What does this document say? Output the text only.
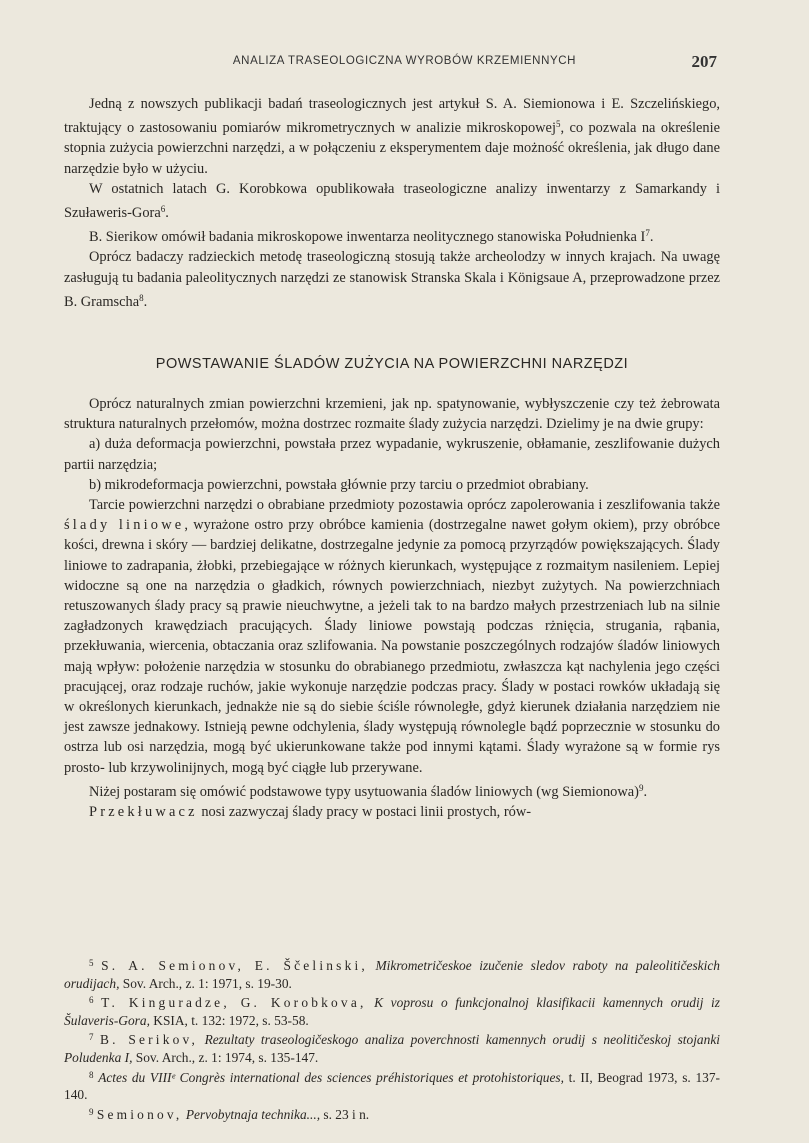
ANALIZA TRASEOLOGICZNA WYROBÓW KRZEMIENNYCH	207

Jedną z nowszych publikacji badań traseologicznych jest artykuł S. A. Siemionowa i E. Szczelińskiego, traktujący o zastosowaniu pomiarów mikrometrycznych w analizie mikroskopowej$^5$, co pozwala na określenie stopnia zużycia powierzchni narzędzi, a w połączeniu z eksperymentem daje możność określenia, jak długo dane narzędzie było w użyciu.

W ostatnich latach G. Korobkowa opublikowała traseologiczne analizy inwentarzy z Samarkandy i Szuławeris-Gora$^6$.

B. Sierikow omówił badania mikroskopowe inwentarza neolitycznego stanowiska Południenka $I^7$.

Oprócz badaczy radzieckich metodę traseologiczną stosują także archeolodzy w innych krajach. Na uwagę zasługują tu badania paleolitycznych narzędzi ze stanowisk Stranska Skala i Königsaue A, przeprowadzone przez B. Gramscha$^8$.

POWSTAWANIE ŚLADÓW ZUŻYCIA NA POWIERZCHNI NARZĘDZI

Oprócz naturalnych zmian powierzchni krzemieni, jak np. spatynowanie, wybłyszczenie czy też żebrowata struktura naturalnych przełomów, można dostrzec rozmaite ślady zużycia narzędzi. Dzielimy je na dwie grupy:

a) duża deformacja powierzchni, powstała przez wypadanie, wykruszenie, obłamanie, zeszlifowanie dużych partii narzędzia;

b) mikrodeformacja powierzchni, powstała głównie przy tarciu o przedmiot obrabiany.

Tarcie powierzchni narzędzi o obrabiane przedmioty pozostawia oprócz zapolerowania i zeszlifowania także ślady liniowe, wyrażone ostro przy obróbce kamienia (dostrzegalne nawet gołym okiem), przy obróbce kości, drewna i skóry — bardziej delikatne, dostrzegalne jedynie za pomocą przyrządów powiększających. Ślady liniowe to zadrapania, żłobki, przebiegające w różnych kierunkach, występujące z rozmaitym nasileniem. Lepiej widoczne są one na narzędzia o gładkich, równych powierzchniach, niezbyt zużytych. Na powierzchniach retuszowanych ślady pracy są prawie nieuchwytne, a jeżeli tak to na bardzo małych przestrzeniach lub na silnie zagładzonych krawędziach pracujących. Ślady liniowe powstają podczas rżnięcia, strugania, rąbania, przekłuwania, wiercenia, obtaczania oraz szlifowania. Na powstanie poszczególnych rodzajów śladów liniowych mają wpływ: położenie narzędzia w stosunku do obrabianego przedmiotu, zwłaszcza kąt nachylenia jego części pracującej, oraz rodzaje ruchów, jakie wykonuje narzędzie podczas pracy. Ślady w postaci rowków układają się w określonych kierunkach, jednakże nie są do siebie ściśle równoległe, gdyż kierunek działania narzędziem nie jest zawsze jednakowy. Istnieją pewne odchylenia, ślady występują równolegle bądź poprzecznie w stosunku do ostrza lub osi narzędzia, mogą być ukierunkowane także pod innymi kątami. Ślady wyrażone są w formie rys prosto- lub krzywolinijnych, mogą być ciągłe lub przerywane.

Niżej postaram się omówić podstawowe typy usytuowania śladów liniowych (wg Siemionowa)$^9$.

Przekłuwacz nosi zazwyczaj ślady pracy w postaci linii prostych, rów-

$^5$ S. A. Semionov, E. Ščelinski, Mikrometričeskoe izučenie sledov raboty na paleolitičeskich orudijach, Sov. Arch., z. 1: 1971, s. 19-30.

$^6$ T. Kinguradze, G. Korobkova, K voprosu o funkcjonalnoj klasifikacii kamennych orudij iz Šulaveris-Gora, KSIA, t. 132: 1972, s. 53-58.

$^7$ B. Serikov, Rezultaty traseologičeskogo analiza poverchnosti kamennych orudij s neolitičeskoj stojanki Poludenka I, Sov. Arch., z. 1: 1974, s. 135-147.

$^8$ Actes du VIIIᵉ Congrès international des sciences préhistoriques et protohistoriques, t. II, Beograd 1973, s. 137-140.

$^9$ Semionov, Pervobytnaja technika..., s. 23 i n.
